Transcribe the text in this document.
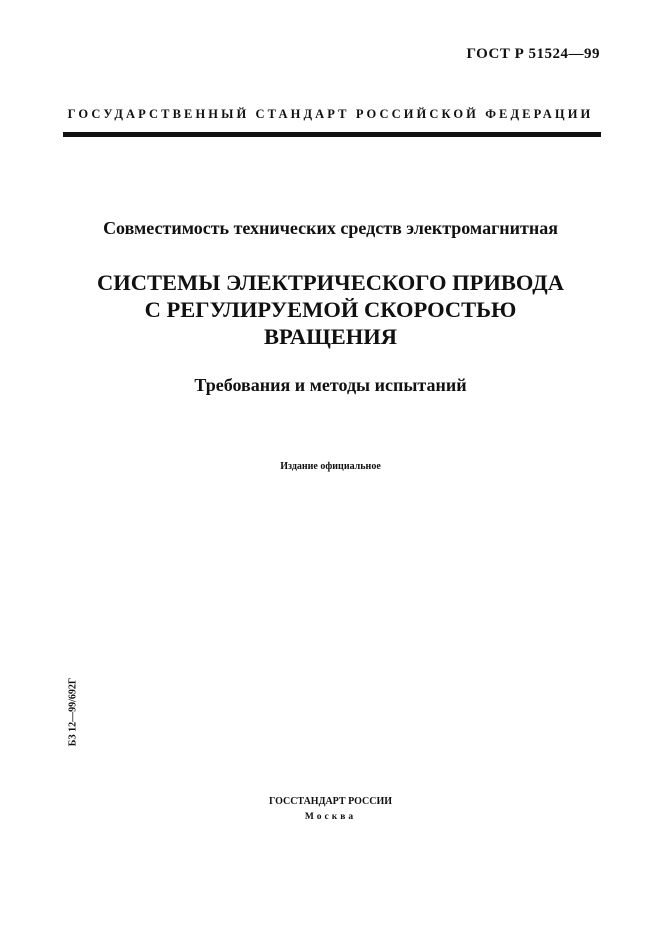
ГОСТ Р 51524—99
ГОСУДАРСТВЕННЫЙ СТАНДАРТ РОССИЙСКОЙ ФЕДЕРАЦИИ
Совместимость технических средств электромагнитная
СИСТЕМЫ ЭЛЕКТРИЧЕСКОГО ПРИВОДА
С РЕГУЛИРУЕМОЙ СКОРОСТЬЮ
ВРАЩЕНИЯ
Требования и методы испытаний
Издание официальное
БЗ 12—99/692Г
ГОССТАНДАРТ РОССИИ
Москва
